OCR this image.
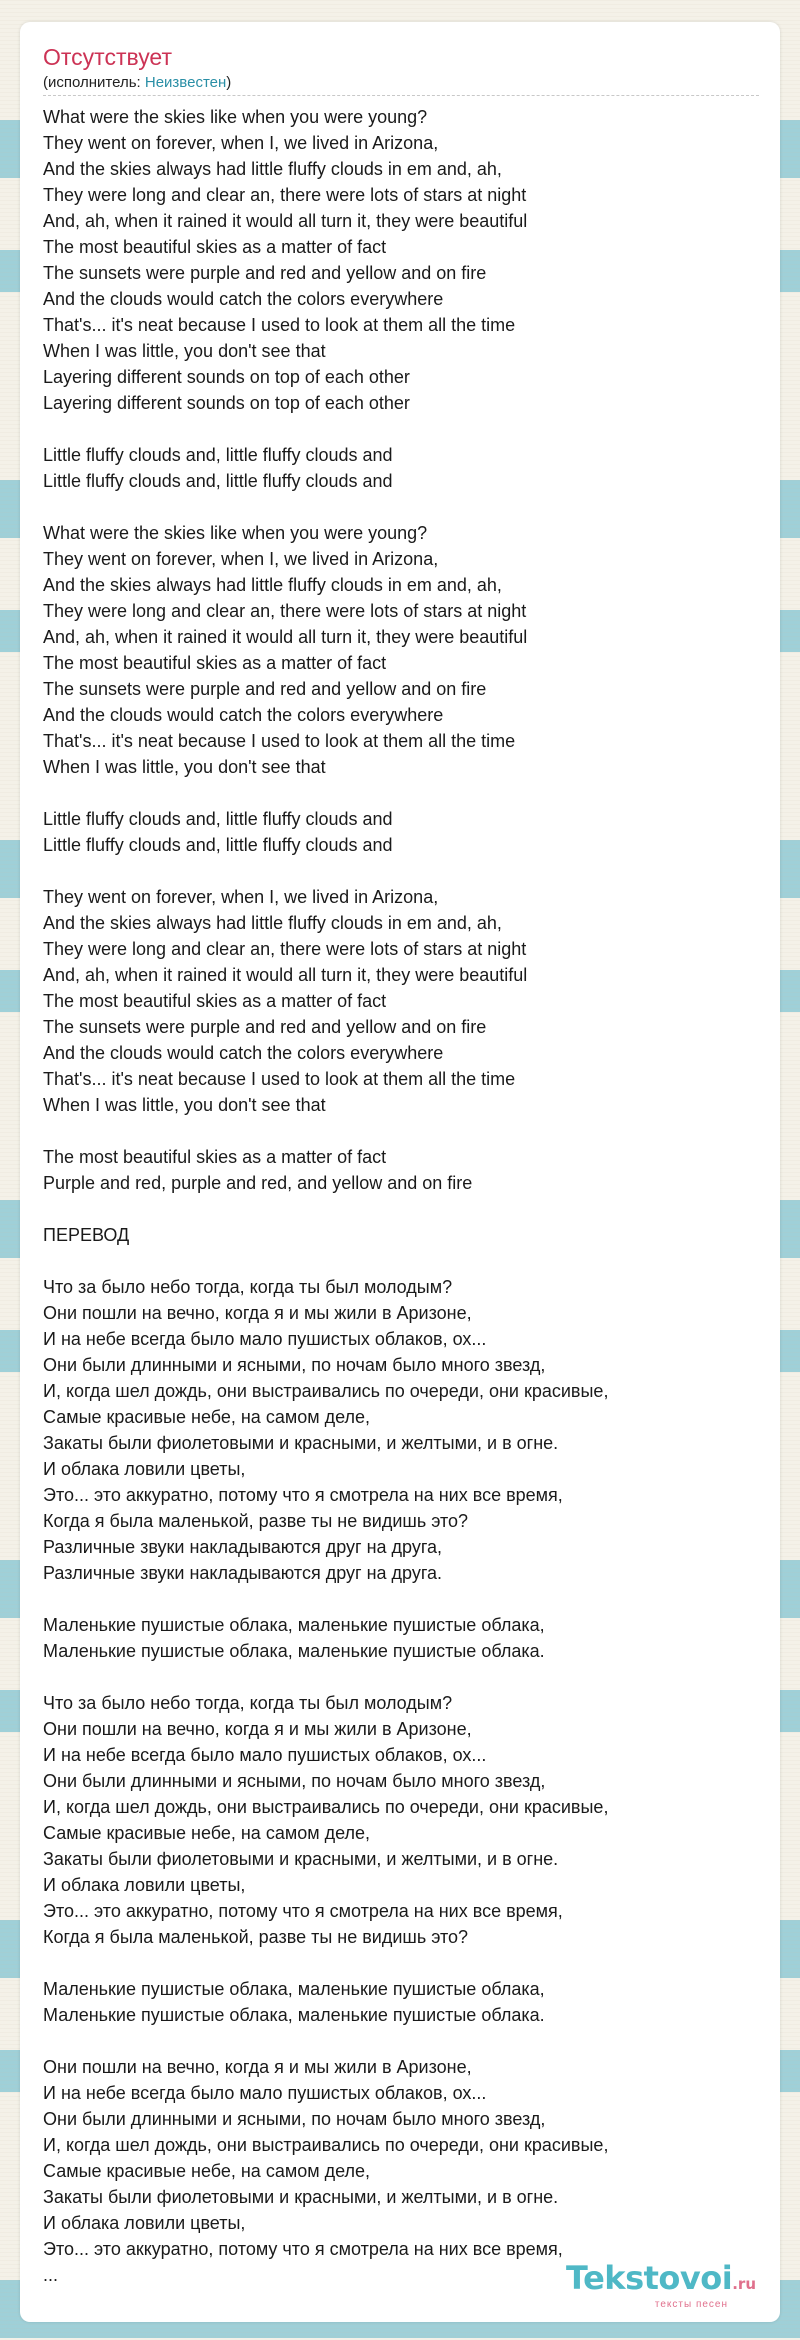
Отсутствует
(исполнитель: Неизвестен)
What were the skies like when you were young?
They went on forever, when I, we lived in Arizona,
And the skies always had little fluffy clouds in em and, ah,
They were long and clear an, there were lots of stars at night
And, ah, when it rained it would all turn it, they were beautiful
The most beautiful skies as a matter of fact
The sunsets were purple and red and yellow and on fire
And the clouds would catch the colors everywhere
That's... it's neat because I used to look at them all the time
When I was little, you don't see that
Layering different sounds on top of each other
Layering different sounds on top of each other
Little fluffy clouds and, little fluffy clouds and
Little fluffy clouds and, little fluffy clouds and
What were the skies like when you were young?
They went on forever, when I, we lived in Arizona,
And the skies always had little fluffy clouds in em and, ah,
They were long and clear an, there were lots of stars at night
And, ah, when it rained it would all turn it, they were beautiful
The most beautiful skies as a matter of fact
The sunsets were purple and red and yellow and on fire
And the clouds would catch the colors everywhere
That's... it's neat because I used to look at them all the time
When I was little, you don't see that
Little fluffy clouds and, little fluffy clouds and
Little fluffy clouds and, little fluffy clouds and
They went on forever, when I, we lived in Arizona,
And the skies always had little fluffy clouds in em and, ah,
They were long and clear an, there were lots of stars at night
And, ah, when it rained it would all turn it, they were beautiful
The most beautiful skies as a matter of fact
The sunsets were purple and red and yellow and on fire
And the clouds would catch the colors everywhere
That's... it's neat because I used to look at them all the time
When I was little, you don't see that
The most beautiful skies as a matter of fact
Purple and red, purple and red, and yellow and on fire
ПЕРЕВОД
Что за было небо тогда, когда ты был молодым?
Они пошли на вечно, когда я и мы жили в Аризоне,
И на небе всегда было мало пушистых облаков, ох...
Они были длинными и ясными, по ночам было много звезд,
И, когда шел дождь, они выстраивались по очереди, они красивые,
Самые красивые небе, на самом деле,
Закаты были фиолетовыми и красными, и желтыми, и в огне.
И облака ловили цветы,
Это... это аккуратно, потому что я смотрела на них все время,
Когда я была маленькой, разве ты не видишь это?
Различные звуки накладываются друг на друга,
Различные звуки накладываются друг на друга.
Маленькие пушистые облака, маленькие пушистые облака,
Маленькие пушистые облака, маленькие пушистые облака.
Что за было небо тогда, когда ты был молодым?
Они пошли на вечно, когда я и мы жили в Аризоне,
И на небе всегда было мало пушистых облаков, ох...
Они были длинными и ясными, по ночам было много звезд,
И, когда шел дождь, они выстраивались по очереди, они красивые,
Самые красивые небе, на самом деле,
Закаты были фиолетовыми и красными, и желтыми, и в огне.
И облака ловили цветы,
Это... это аккуратно, потому что я смотрела на них все время,
Когда я была маленькой, разве ты не видишь это?
Маленькие пушистые облака, маленькие пушистые облака,
Маленькие пушистые облака, маленькие пушистые облака.
Они пошли на вечно, когда я и мы жили в Аризоне,
И на небе всегда было мало пушистых облаков, ох...
Они были длинными и ясными, по ночам было много звезд,
И, когда шел дождь, они выстраивались по очереди, они красивые,
Самые красивые небе, на самом деле,
Закаты были фиолетовыми и красными, и желтыми, и в огне.
И облака ловили цветы,
Это... это аккуратно, потому что я смотрела на них все время,
...	Tekstovoi.ru
тексты песен
